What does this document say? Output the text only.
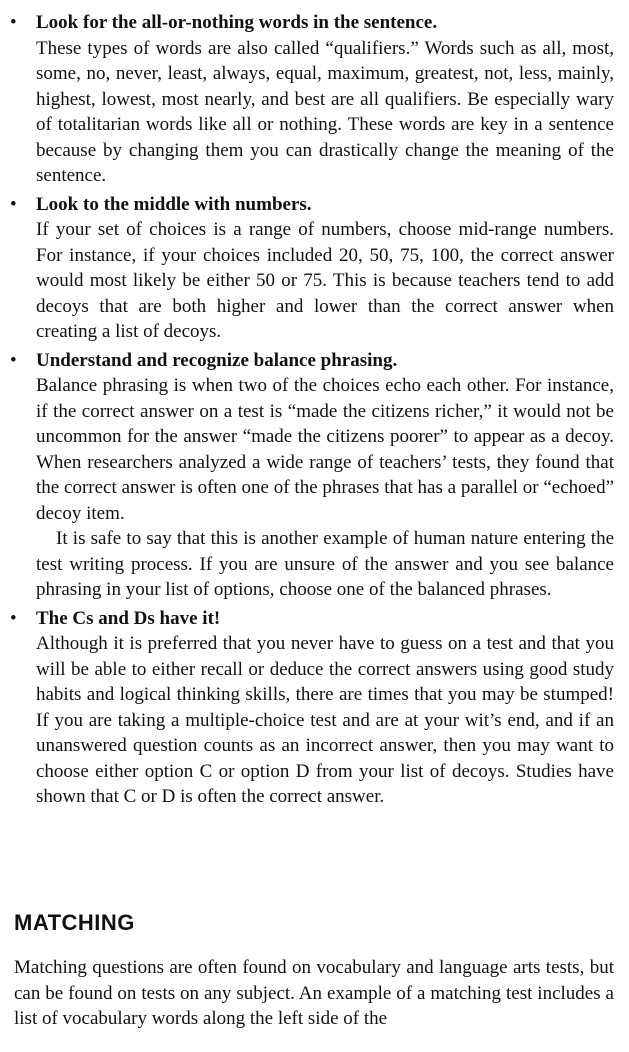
• Look for the all-or-nothing words in the sentence.

These types of words are also called “qualifiers.” Words such as all, most, some, no, never, least, always, equal, maximum, greatest, not, less, mainly, highest, lowest, most nearly, and best are all qualifiers. Be especially wary of totalitarian words like all or nothing. These words are key in a sentence because by changing them you can drastically change the meaning of the sentence.

• Look to the middle with numbers.

If your set of choices is a range of numbers, choose mid-range numbers. For instance, if your choices included 20, 50, 75, 100, the correct answer would most likely be either 50 or 75. This is because teachers tend to add decoys that are both higher and lower than the correct answer when creating a list of decoys.

• Understand and recognize balance phrasing.

Balance phrasing is when two of the choices echo each other. For instance, if the correct answer on a test is “made the citizens richer,” it would not be uncommon for the answer “made the citizens poorer” to appear as a decoy. When researchers analyzed a wide range of teachers’ tests, they found that the correct answer is often one of the phrases that has a parallel or “echoed” decoy item.

It is safe to say that this is another example of human nature entering the test writing process. If you are unsure of the answer and you see balance phrasing in your list of options, choose one of the balanced phrases.

• The Cs and Ds have it!

Although it is preferred that you never have to guess on a test and that you will be able to either recall or deduce the correct answers using good study habits and logical thinking skills, there are times that you may be stumped! If you are taking a multiple-choice test and are at your wit’s end, and if an unanswered question counts as an incorrect answer, then you may want to choose either option C or option D from your list of decoys. Studies have shown that C or D is often the correct answer.

MATCHING

Matching questions are often found on vocabulary and language arts tests, but can be found on tests on any subject. An example of a matching test includes a list of vocabulary words along the left side of the
